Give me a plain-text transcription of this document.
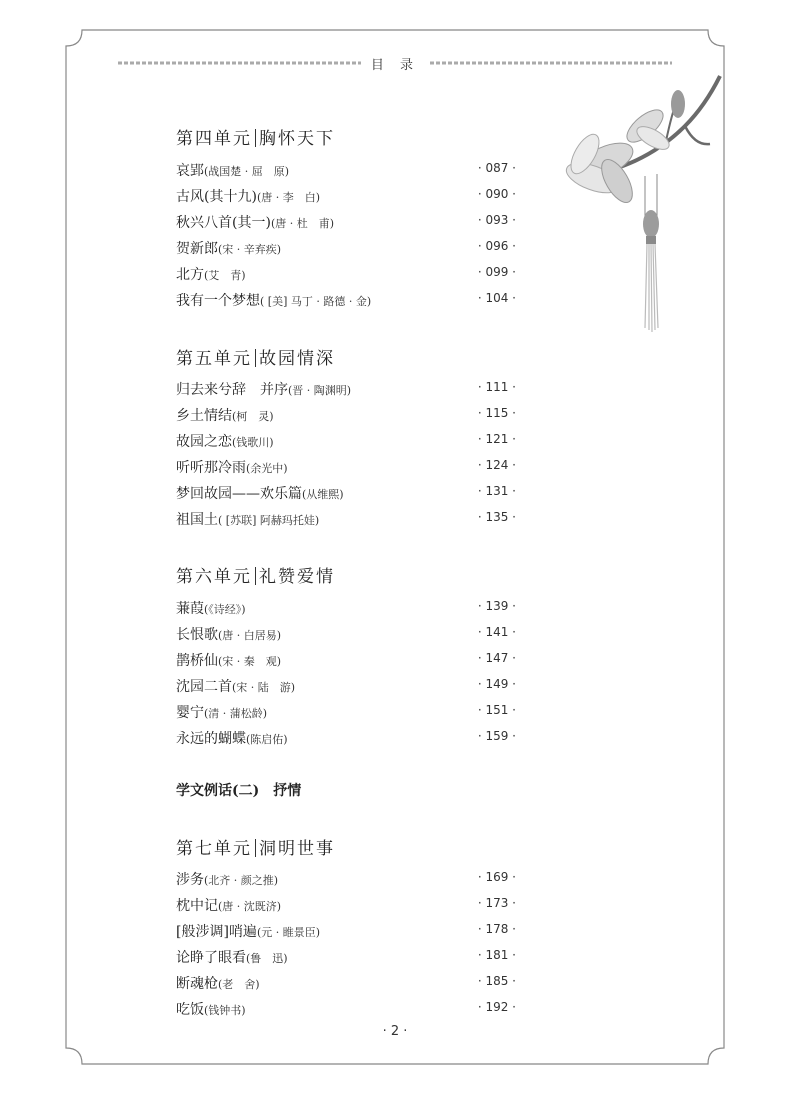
目 录
第四单元 胸怀天下
哀郢(战国楚 · 屈　原)	· 087 ·
古风(其十九)(唐 · 李　白)	· 090 ·
秋兴八首(其一)(唐 · 杜　甫)	· 093 ·
贺新郎(宋 · 辛弃疾)	· 096 ·
北方(艾　青)	· 099 ·
我有一个梦想( [美] 马丁 · 路德 · 金)	· 104 ·
第五单元 故园情深
归去来兮辞　并序(晋 · 陶渊明)	· 111 ·
乡土情结(柯　灵)	· 115 ·
故园之恋(钱歌川)	· 121 ·
听听那冷雨(余光中)	· 124 ·
梦回故园——欢乐篇(从维熙)	· 131 ·
祖国土( [苏联] 阿赫玛托娃)	· 135 ·
第六单元 礼赞爱情
蒹葭(《诗经》)	· 139 ·
长恨歌(唐 · 白居易)	· 141 ·
鹊桥仙(宋 · 秦　观)	· 147 ·
沈园二首(宋 · 陆　游)	· 149 ·
婴宁(清 · 蒲松龄)	· 151 ·
永远的蝴蝶(陈启佑)	· 159 ·
学文例话(二) 抒情
第七单元 洞明世事
涉务(北齐 · 颜之推)	· 169 ·
枕中记(唐 · 沈既济)	· 173 ·
[般涉调]哨遍(元 · 睢景臣)	· 178 ·
论睁了眼看(鲁　迅)	· 181 ·
断魂枪(老　舍)	· 185 ·
吃饭(钱钟书)	· 192 ·
· 2 ·
